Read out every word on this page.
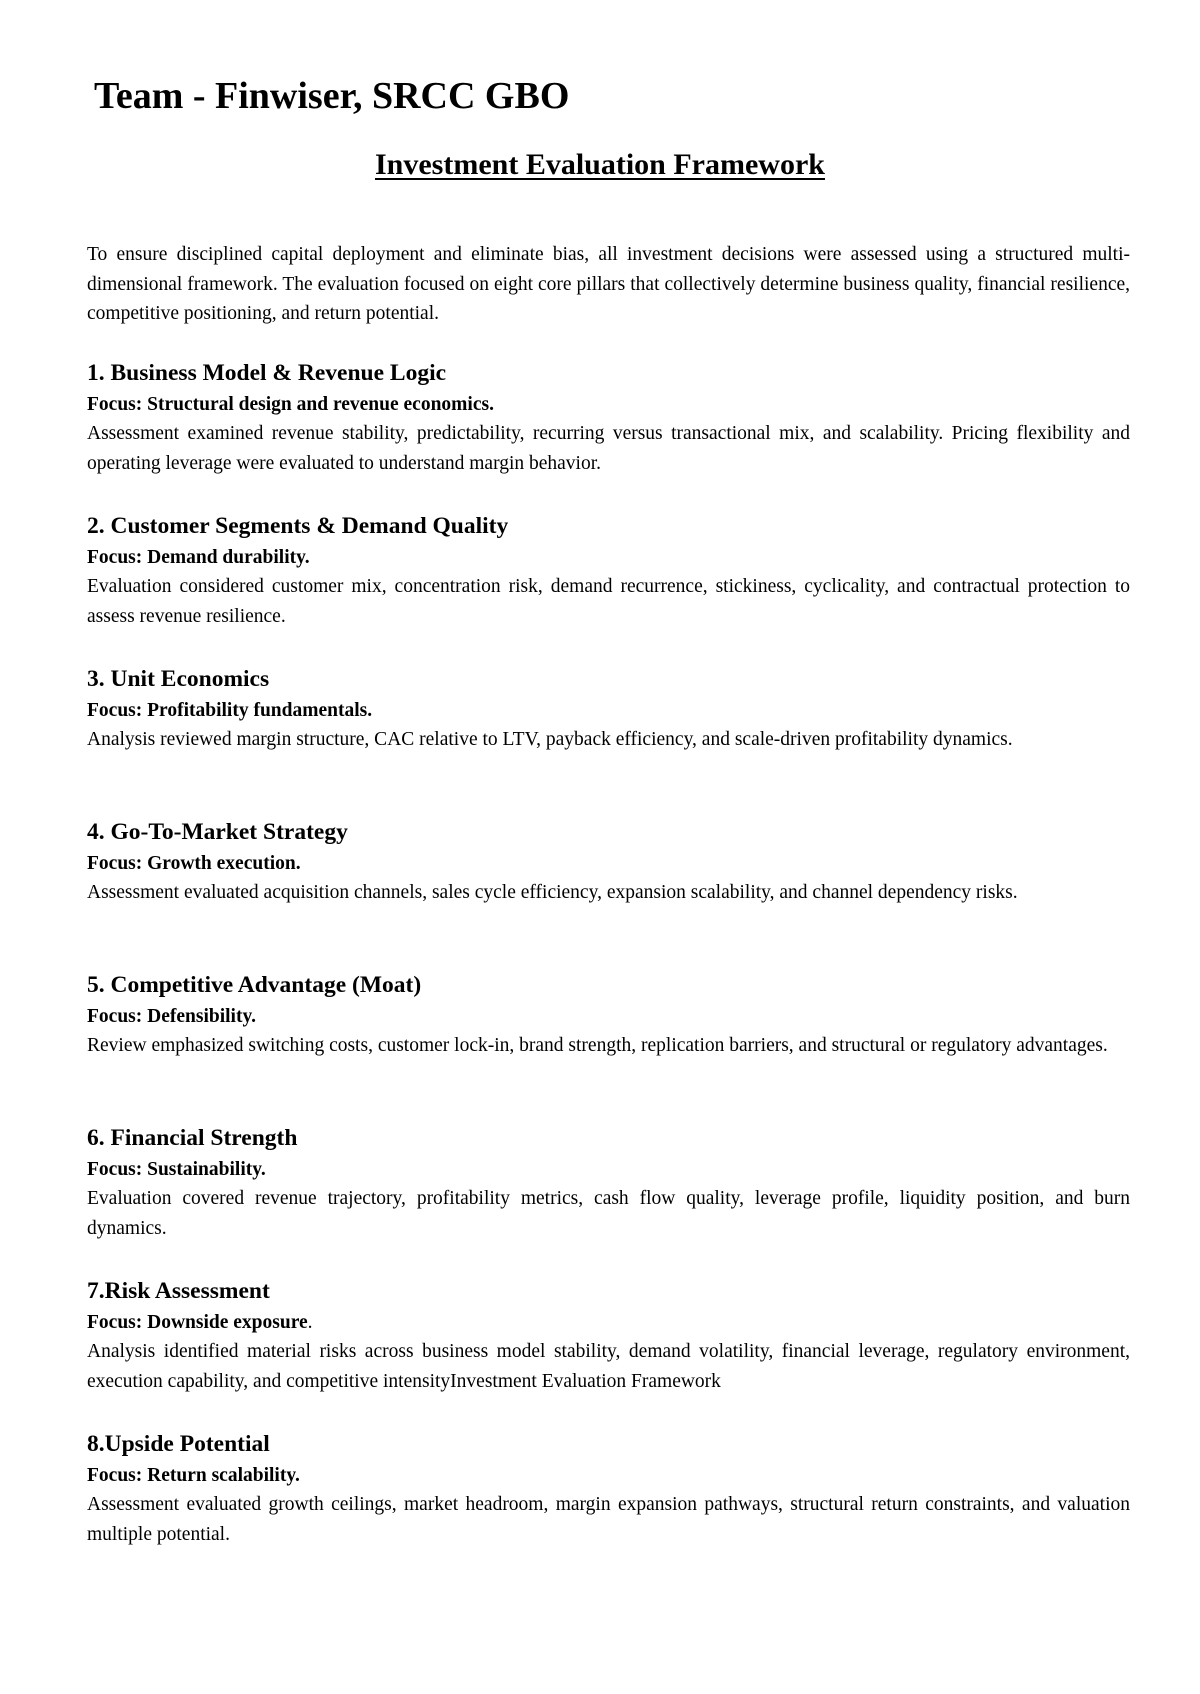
Team - Finwiser, SRCC GBO
Investment Evaluation Framework

To ensure disciplined capital deployment and eliminate bias, all investment decisions were assessed using a structured multi-dimensional framework. The evaluation focused on eight core pillars that collectively determine business quality, financial resilience, competitive positioning, and return potential.

1. Business Model & Revenue Logic

Focus: Structural design and revenue economics.

Assessment examined revenue stability, predictability, recurring versus transactional mix, and scalability. Pricing flexibility and operating leverage were evaluated to understand margin behavior.

2. Customer Segments & Demand Quality

Focus: Demand durability.

Evaluation considered customer mix, concentration risk, demand recurrence, stickiness, cyclicality, and contractual protection to assess revenue resilience.

3. Unit Economics

Focus: Profitability fundamentals.

Analysis reviewed margin structure, CAC relative to LTV, payback efficiency, and scale-driven profitability dynamics.

4. Go-To-Market Strategy

Focus: Growth execution.

Assessment evaluated acquisition channels, sales cycle efficiency, expansion scalability, and channel dependency risks.

5. Competitive Advantage (Moat)

Focus: Defensibility.

Review emphasized switching costs, customer lock-in, brand strength, replication barriers, and structural or regulatory advantages.

6. Financial Strength

Focus: Sustainability.

Evaluation covered revenue trajectory, profitability metrics, cash flow quality, leverage profile, liquidity position, and burn dynamics.

7.Risk Assessment

Focus: Downside exposure.

Analysis identified material risks across business model stability, demand volatility, financial leverage, regulatory environment, execution capability, and competitive intensityInvestment Evaluation Framework

8.Upside Potential

Focus: Return scalability.

Assessment evaluated growth ceilings, market headroom, margin expansion pathways, structural return constraints, and valuation multiple potential.
